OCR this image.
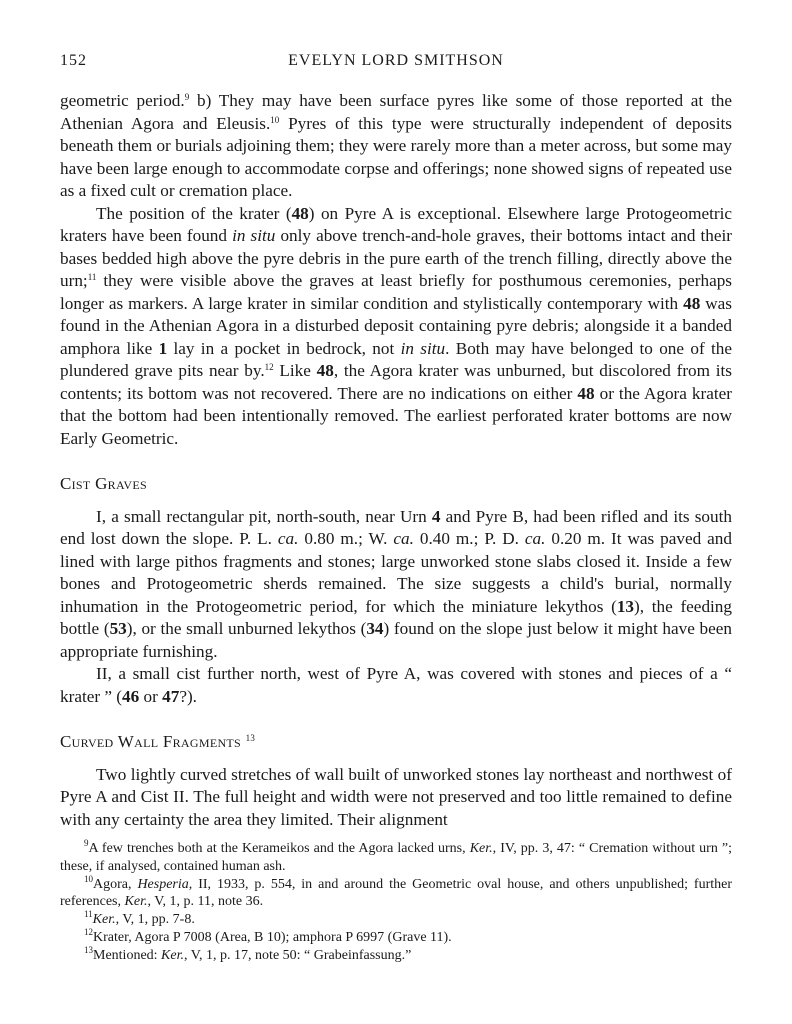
152	EVELYN LORD SMITHSON

geometric period.$^9$ b) They may have been surface pyres like some of those reported at the Athenian Agora and Eleusis.$^{10}$ Pyres of this type were structurally independent of deposits beneath them or burials adjoining them; they were rarely more than a meter across, but some may have been large enough to accommodate corpse and offerings; none showed signs of repeated use as a fixed cult or cremation place.

The position of the krater (48) on Pyre A is exceptional. Elsewhere large Protogeometric kraters have been found in situ only above trench-and-hole graves, their bottoms intact and their bases bedded high above the pyre debris in the pure earth of the trench filling, directly above the urn;$^{11}$ they were visible above the graves at least briefly for posthumous ceremonies, perhaps longer as markers. A large krater in similar condition and stylistically contemporary with 48 was found in the Athenian Agora in a disturbed deposit containing pyre debris; alongside it a banded amphora like 1 lay in a pocket in bedrock, not in situ. Both may have belonged to one of the plundered grave pits near by.$^{12}$ Like 48, the Agora krater was unburned, but discolored from its contents; its bottom was not recovered. There are no indications on either 48 or the Agora krater that the bottom had been intentionally removed. The earliest perforated krater bottoms are now Early Geometric.

Cist Graves

I, a small rectangular pit, north-south, near Urn 4 and Pyre B, had been rifled and its south end lost down the slope. P. L. ca. 0.80 m.; W. ca. 0.40 m.; P. D. ca. 0.20 m. It was paved and lined with large pithos fragments and stones; large unworked stone slabs closed it. Inside a few bones and Protogeometric sherds remained. The size suggests a child's burial, normally inhumation in the Protogeometric period, for which the miniature lekythos (13), the feeding bottle (53), or the small unburned lekythos (34) found on the slope just below it might have been appropriate furnishing.

II, a small cist further north, west of Pyre A, was covered with stones and pieces of a “ krater ” (46 or 47?).

Curved Wall Fragments $^{13}$

Two lightly curved stretches of wall built of unworked stones lay northeast and northwest of Pyre A and Cist II. The full height and width were not preserved and too little remained to define with any certainty the area they limited. Their alignment

$^9$A few trenches both at the Kerameikos and the Agora lacked urns, Ker., IV, pp. 3, 47: “ Cremation without urn ”; these, if analysed, contained human ash.

$^{10}$Agora, Hesperia, II, 1933, p. 554, in and around the Geometric oval house, and others unpublished; further references, Ker., V, 1, p. 11, note 36.

$^{11}$Ker., V, 1, pp. 7-8.

$^{12}$Krater, Agora P 7008 (Area, B 10); amphora P 6997 (Grave 11).

$^{13}$Mentioned: Ker., V, 1, p. 17, note 50: “ Grabeinfassung.”
